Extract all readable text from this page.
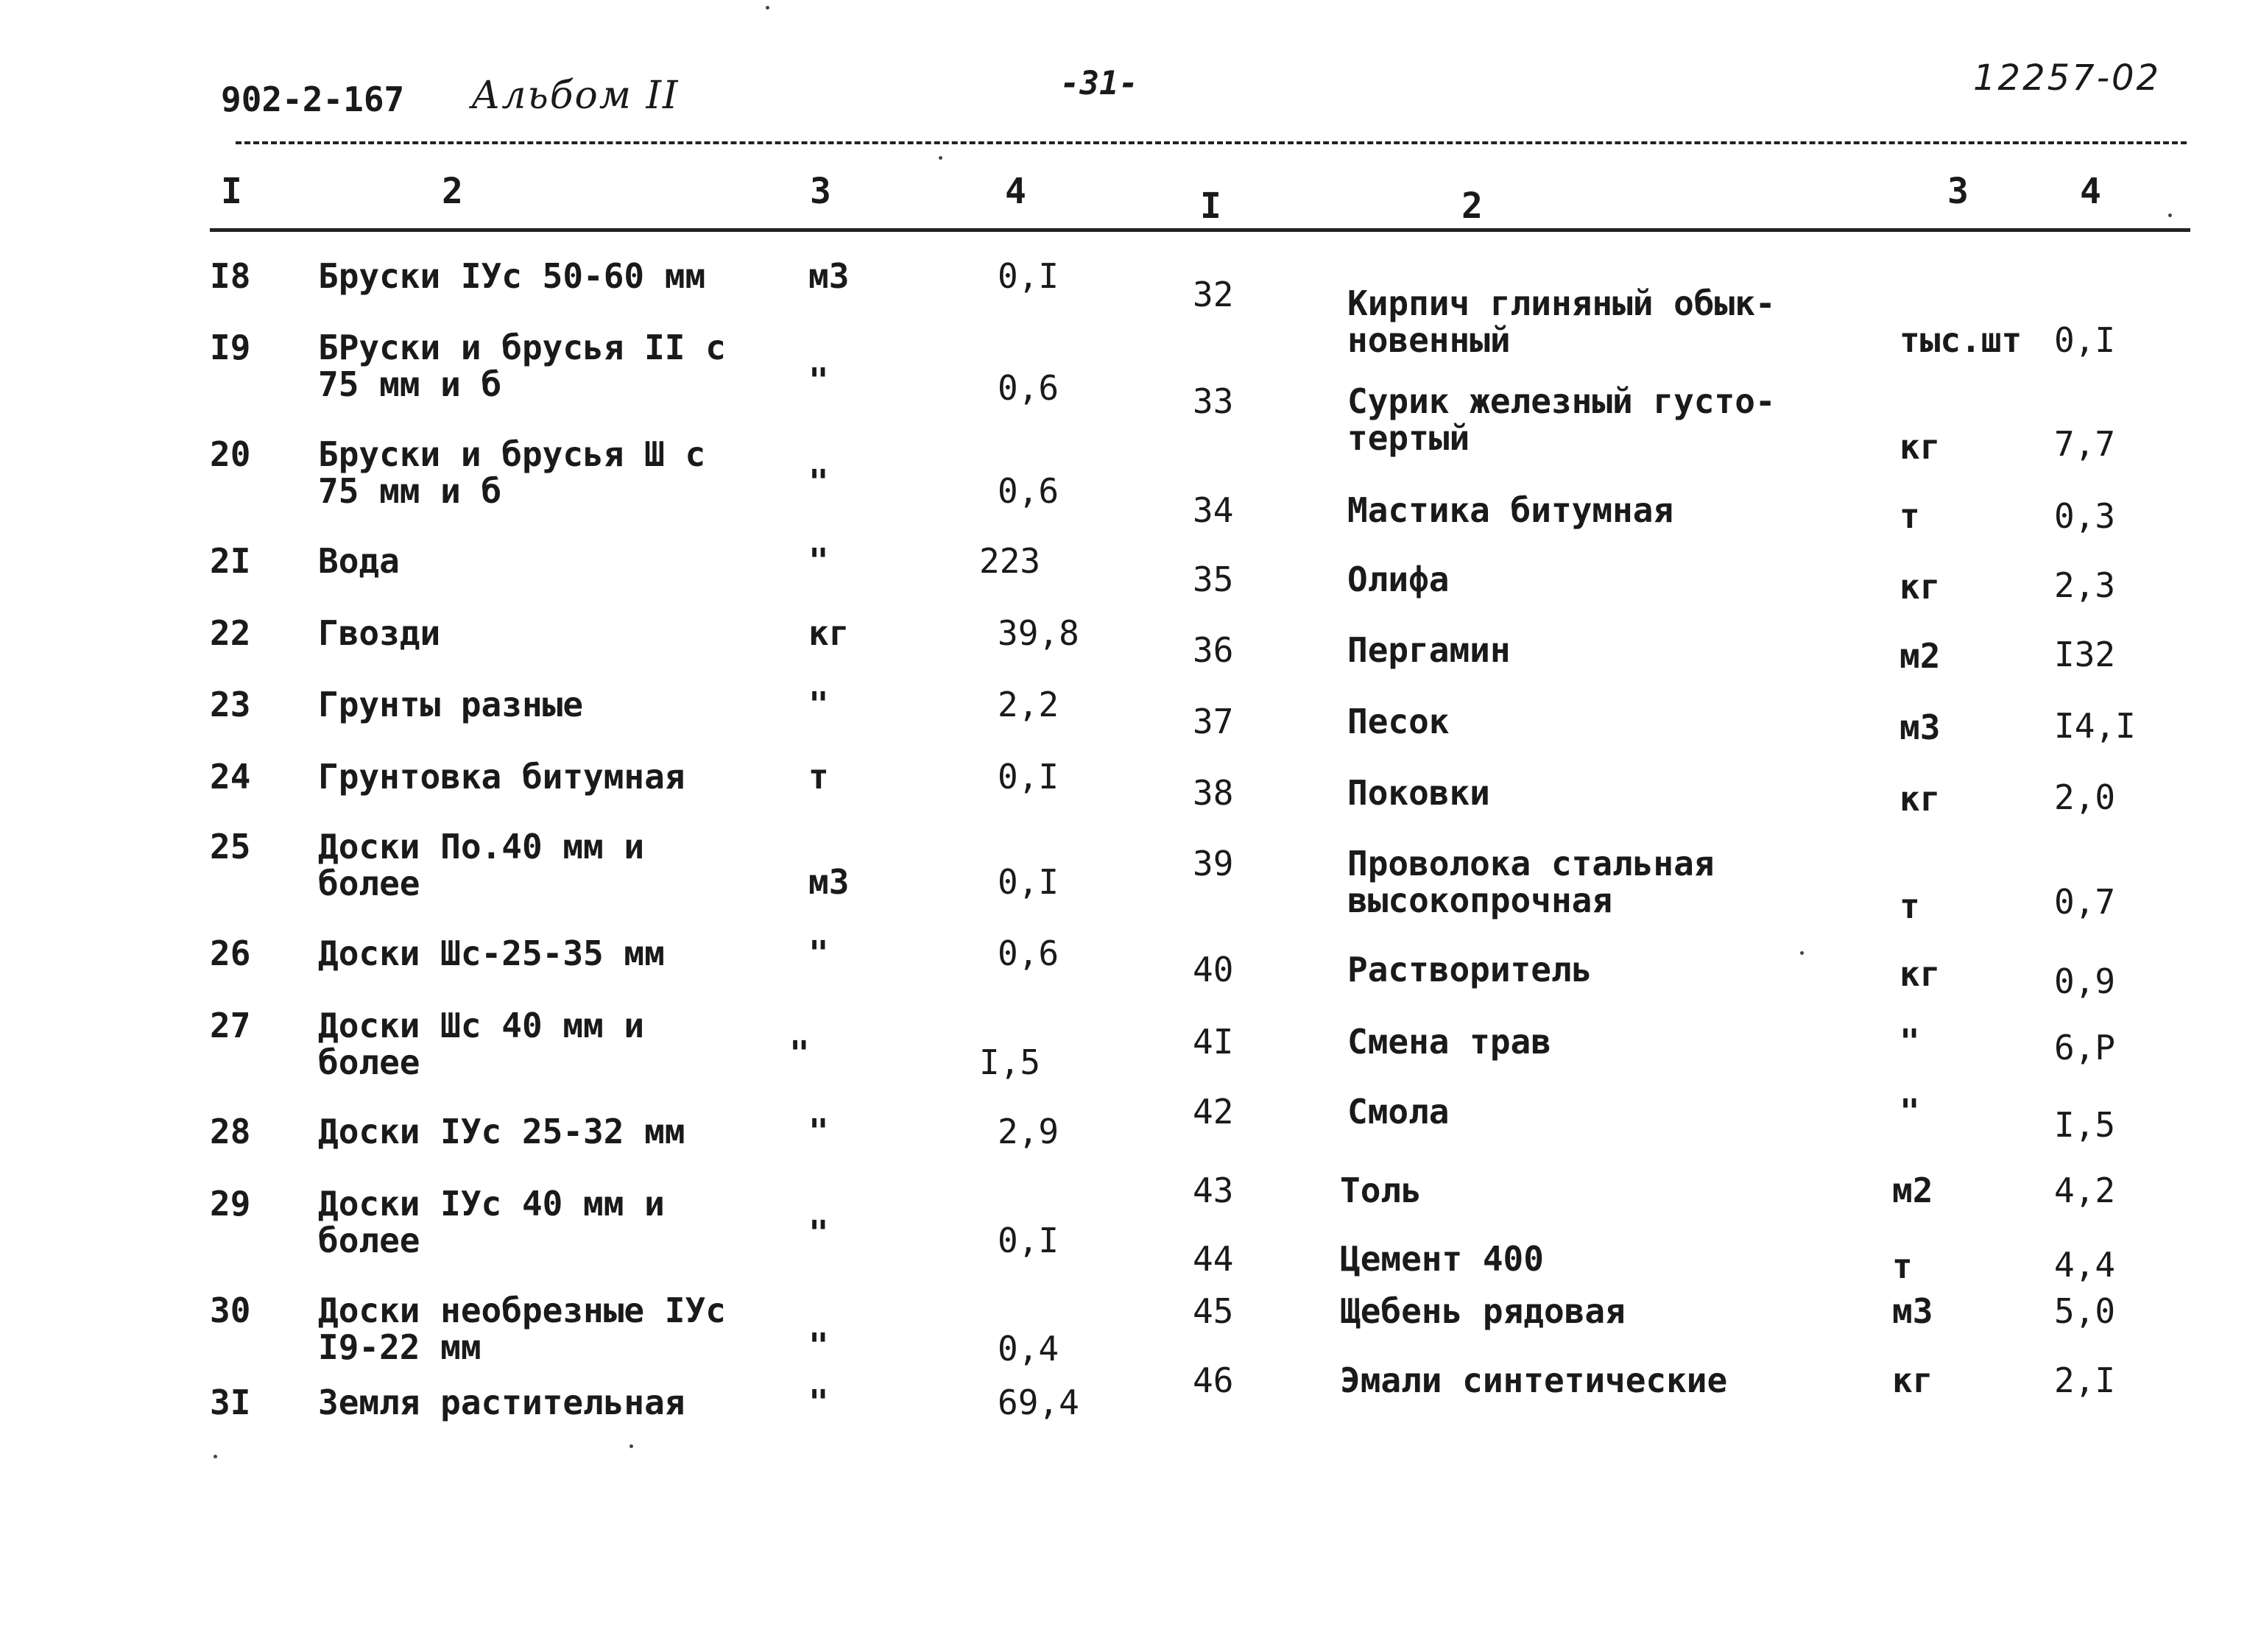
902-2-167 Альбом II	-31-	12257-02
I	2	3	4	I	2	3	4
I8 Бруски IУс 50-60 мм	м3	0,I
I9 БРуски и брусья II с
75 мм и б	"	0,6
20 Бруски и брусья Ш с
75 мм и б	"	0,6
2I Вода	"	223
22 Гвозди	кг	39,8
23 Грунты разные	"	2,2
24 Грунтовка битумная	т	0,I
25 Доски По.40 мм и
более	м3	0,I
26 Доски Шс-25-35 мм	"	0,6
27 Доски Шс 40 мм и
более	"	I,5
28 Доски IУс 25-32 мм	"	2,9
29 Доски IУс 40 мм и
более	"	0,I
30 Доски необрезные IУс
I9-22 мм	"	0,4
3I Земля растительная	"	69,4
32	Кирпич глиняный обык-
новенный	тыс.шт 0,I
33	Сурик железный густо-
тертый	кг	7,7
34	Мастика битумная	т	0,3
35	Олифа	кг	2,3
36	Пергамин	м2	I32
37	Песок	м3	I4,I
38	Поковки	кг	2,0
39	Проволока стальная
высокопрочная	т	0,7
40	Растворитель	кг	0,9
4I	Смена трав	"	6,P
42	Смола	"	I,5
43	Толь	м2	4,2
44	Цемент 400	т	4,4
45	Щебень рядовая	м3	5,0
46	Эмали синтетические	кг	2,I
